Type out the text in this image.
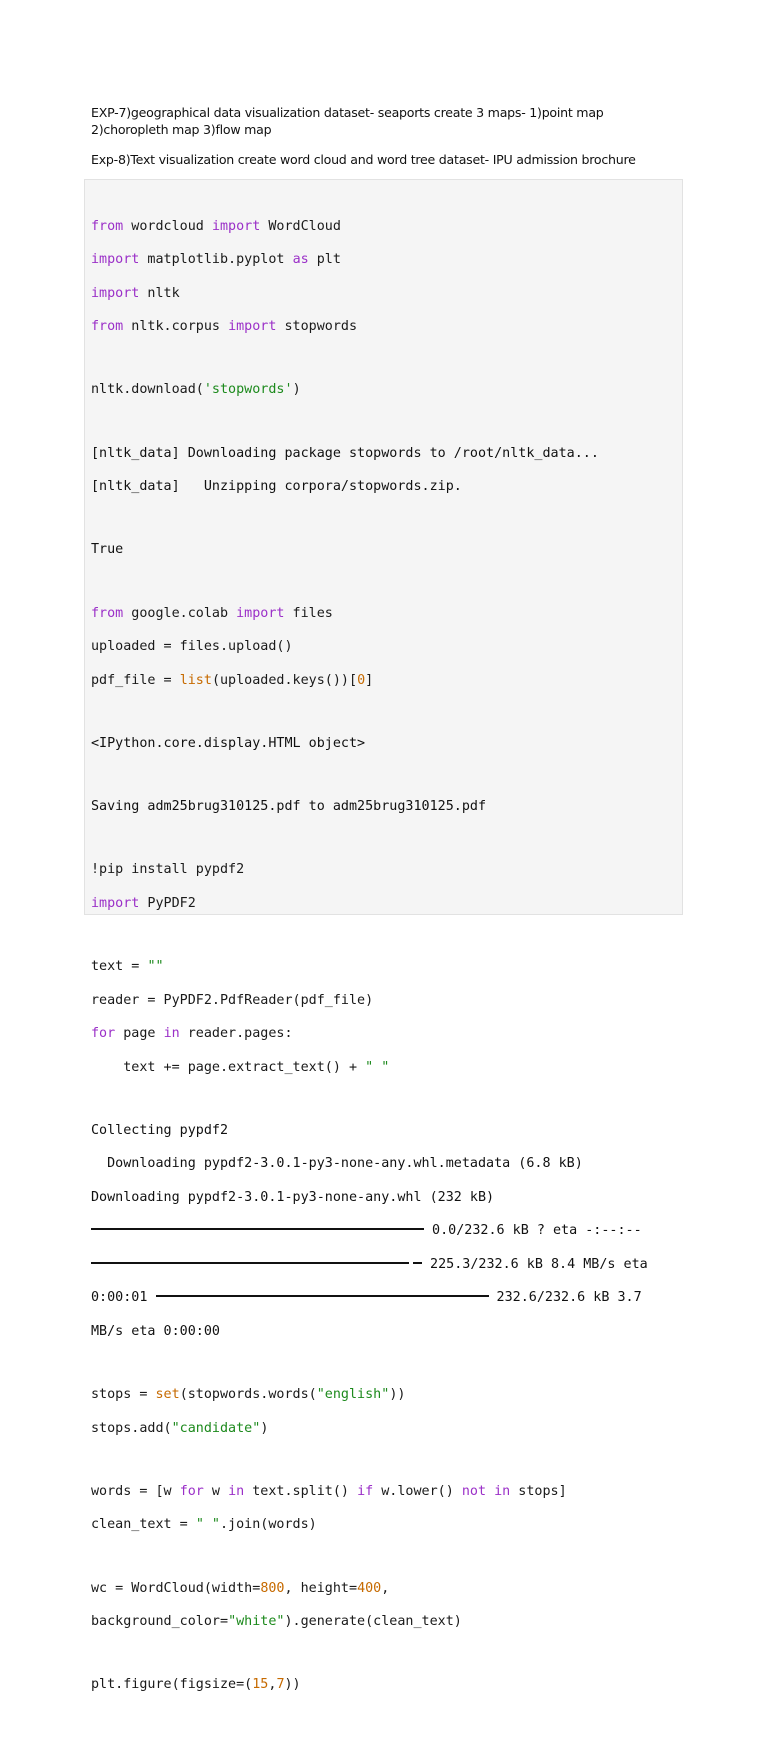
EXP-7)geographical data visualization dataset- seaports create 3 maps- 1)point map
2)choropleth map 3)flow map
Exp-8)Text visualization create word cloud and word tree dataset- IPU admission brochure

from wordcloud import WordCloud

import matplotlib.pyplot as plt

import nltk

from nltk.corpus import stopwords

nltk.download('stopwords')

[nltk_data] Downloading package stopwords to /root/nltk_data...

[nltk_data]   Unzipping corpora/stopwords.zip.

True

from google.colab import files

uploaded = files.upload()

pdf_file = list(uploaded.keys())[0]

<IPython.core.display.HTML object>

Saving adm25brug310125.pdf to adm25brug310125.pdf

!pip install pypdf2

import PyPDF2

text = ""

reader = PyPDF2.PdfReader(pdf_file)

for page in reader.pages:

text += page.extract_text() + " "

Collecting pypdf2

Downloading pypdf2-3.0.1-py3-none-any.whl.metadata (6.8 kB)

Downloading pypdf2-3.0.1-py3-none-any.whl (232 kB)

0.0/232.6 kB ? eta -:--:--

225.3/232.6 kB 8.4 MB/s eta

0:00:01	232.6/232.6 kB 3.7

MB/s eta 0:00:00

stops = set(stopwords.words("english"))

stops.add("candidate")

words = [w for w in text.split() if w.lower() not in stops]

clean_text = " ".join(words)

wc = WordCloud(width=800, height=400,

background_color="white").generate(clean_text)

plt.figure(figsize=(15,7))
